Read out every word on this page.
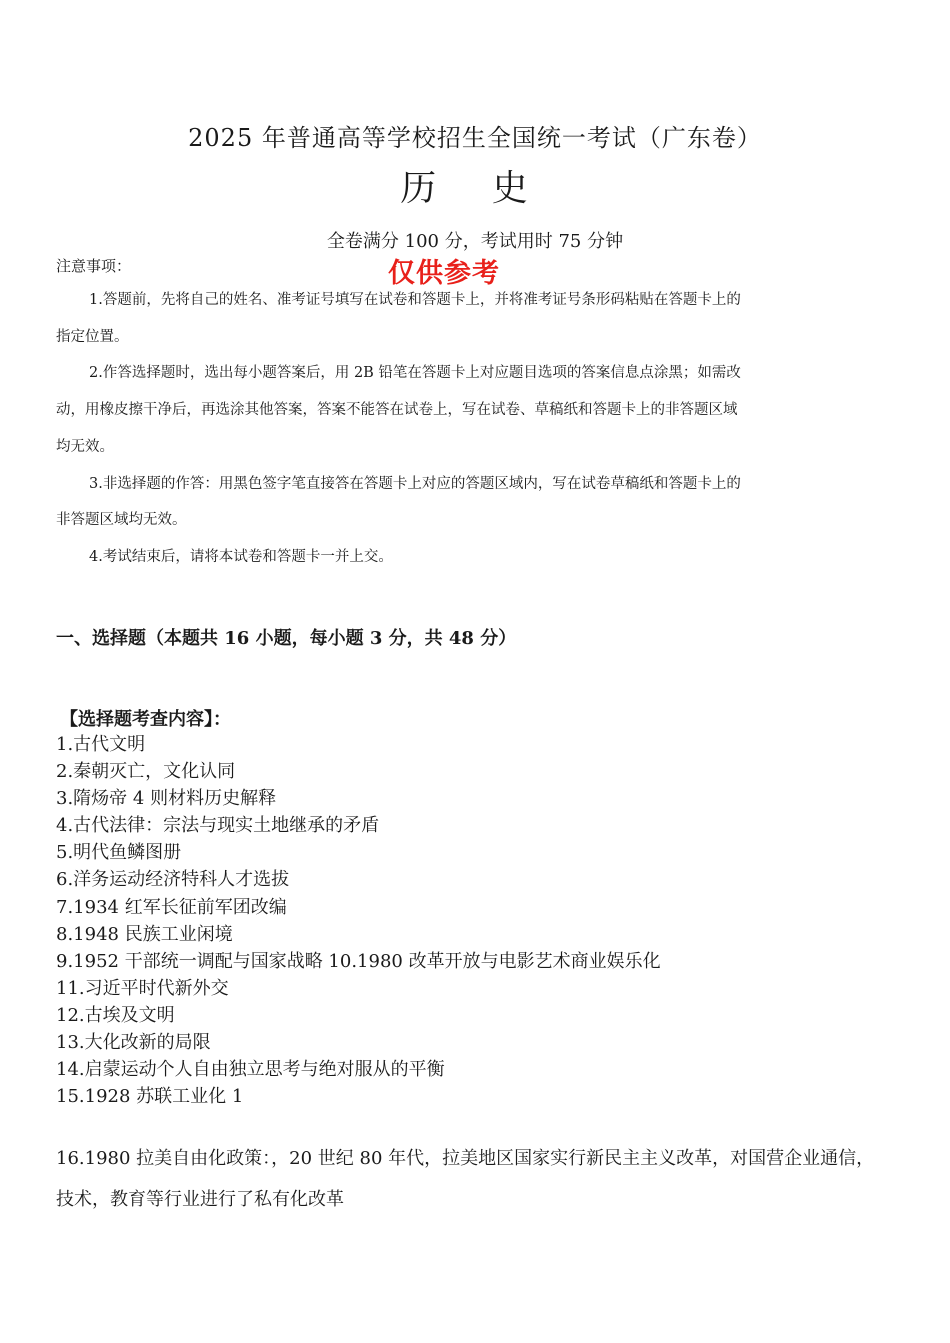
2025 年普通高等学校招生全国统一考试（广东卷）
历 史
全卷满分 100 分，考试用时 75 分钟
注意事项：	仅供参考

1.答题前，先将自己的姓名、准考证号填写在试卷和答题卡上，并将准考证号条形码粘贴在答题卡上的指定位置。

2.作答选择题时，选出每小题答案后，用 2B 铅笔在答题卡上对应题目选项的答案信息点涂黑；如需改动，用橡皮擦干净后，再选涂其他答案，答案不能答在试卷上，写在试卷、草稿纸和答题卡上的非答题区域均无效。

3.非选择题的作答：用黑色签字笔直接答在答题卡上对应的答题区域内，写在试卷草稿纸和答题卡上的非答题区域均无效。

4.考试结束后，请将本试卷和答题卡一并上交。

一、选择题（本题共 16 小题，每小题 3 分，共 48 分）
【选择题考查内容】：
1.古代文明
2.秦朝灭亡，文化认同
3.隋炀帝 4 则材料历史解释
4.古代法律：宗法与现实土地继承的矛盾
5.明代鱼鳞图册
6.洋务运动经济特科人才选拔
7.1934 红军长征前军团改编
8.1948 民族工业闲境
9.1952 干部统一调配与国家战略 10.1980 改革开放与电影艺术商业娱乐化
11.习近平时代新外交
12.古埃及文明
13.大化改新的局限
14.启蒙运动个人自由独立思考与绝对服从的平衡
15.1928 苏联工业化 1

16.1980 拉美自由化政策：，20 世纪 80 年代，拉美地区国家实行新民主主义改革，对国营企业通信，技术，教育等行业进行了私有化改革
